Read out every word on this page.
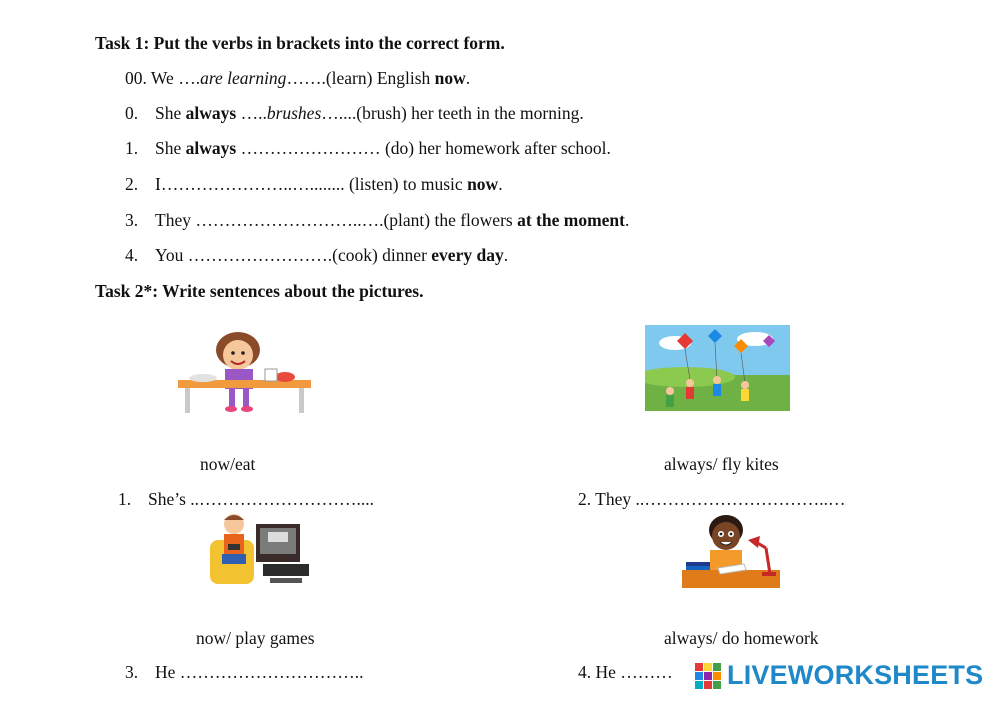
Task 1: Put the verbs in brackets into the correct form.
00. We ….are learning…….(learn) English now.
0. She always …..brushes…....(brush) her teeth in the morning.
1. She always …………………… (do) her homework after school.
2. I…………………..…........ (listen) to music now.
3. They ………………………..….(plant) the flowers at the moment.
4. You …………………….(cook) dinner every day.
Task 2*: Write sentences about the pictures.
now/eat	always/ fly kites
1. She’s ..………………………....	2. They ..…………………………..…
now/ play games	always/ do homework
3. He …………………………..	4. He ……… LIVEWORKSHEETS
